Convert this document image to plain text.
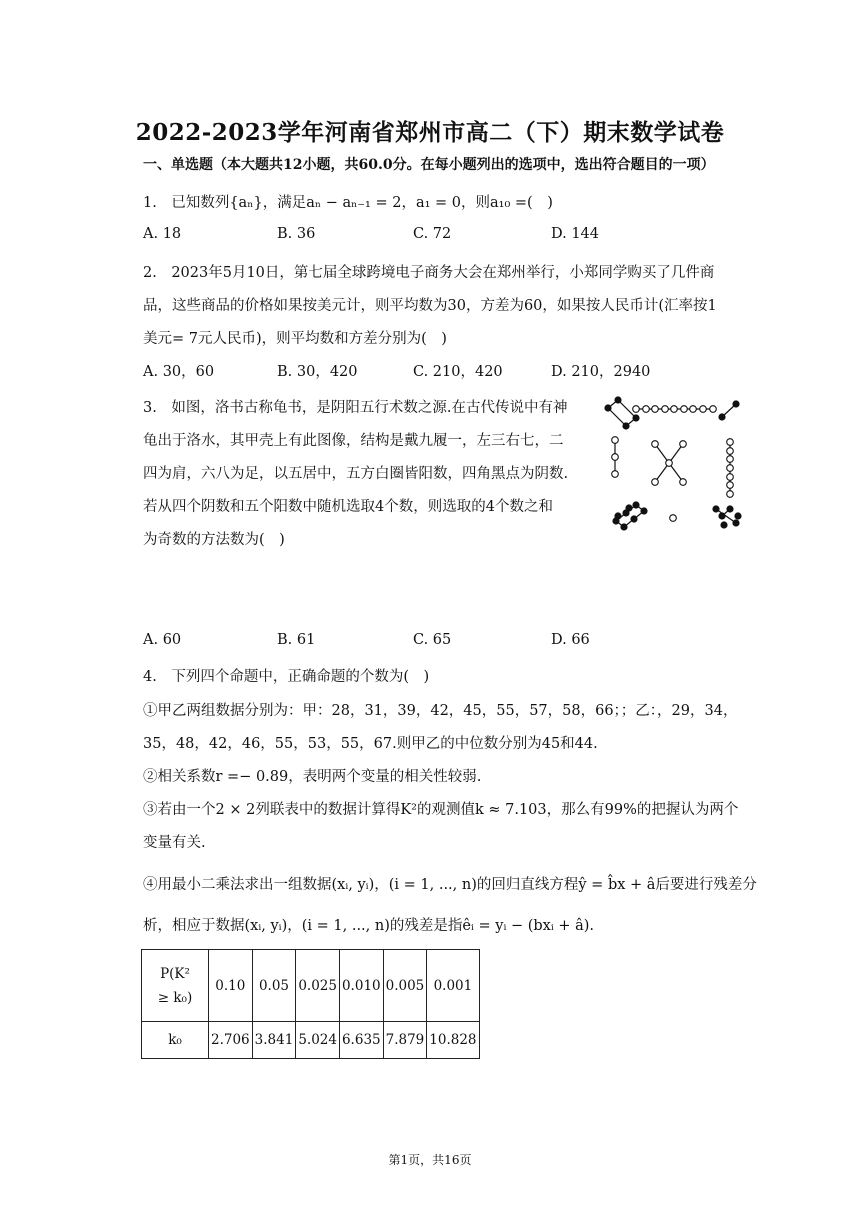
2022-2023学年河南省郑州市高二（下）期末数学试卷
一、单选题（本大题共12小题，共60.0分。在每小题列出的选项中，选出符合题目的一项）
1.　已知数列{aₙ}，满足aₙ − aₙ₋₁ = 2，a₁ = 0，则a₁₀ =(　)
A. 18	B. 36	C. 72	D. 144
2.　2023年5月10日，第七届全球跨境电子商务大会在郑州举行，小郑同学购买了几件商
品，这些商品的价格如果按美元计，则平均数为30，方差为60，如果按人民币计(汇率按1
美元= 7元人民币)，则平均数和方差分别为(　)
A. 30，60	B. 30，420	C. 210，420	D. 210，2940
3.　如图，洛书古称龟书，是阴阳五行术数之源.在古代传说中有神
龟出于洛水，其甲壳上有此图像，结构是戴九履一，左三右七，二
四为肩，六八为足，以五居中，五方白圈皆阳数，四角黑点为阴数.
若从四个阴数和五个阳数中随机选取4个数，则选取的4个数之和
为奇数的方法数为(　)
A. 60	B. 61	C. 65	D. 66
4.　下列四个命题中，正确命题的个数为(　)
①甲乙两组数据分别为：甲：28，31，39，42，45，55，57，58，66；；乙：，29，34，
35，48，42，46，55，53，55，67.则甲乙的中位数分别为45和44.
②相关系数r =− 0.89，表明两个变量的相关性较弱.
③若由一个2 × 2列联表中的数据计算得K²的观测值k ≈ 7.103，那么有99%的把握认为两个
变量有关.
④用最小二乘法求出一组数据(xᵢ, yᵢ)，(i = 1, ..., n)的回归直线方程ŷ = b̂x + â后要进行残差分
析，相应于数据(xᵢ, yᵢ)，(i = 1, ..., n)的残差是指êᵢ = yᵢ − (bxᵢ + â).
P(K²
≥ k₀)	0.10	0.05	0.025	0.010	0.005	0.001
k₀	2.706	3.841	5.024	6.635	7.879	10.828
第1页，共16页
